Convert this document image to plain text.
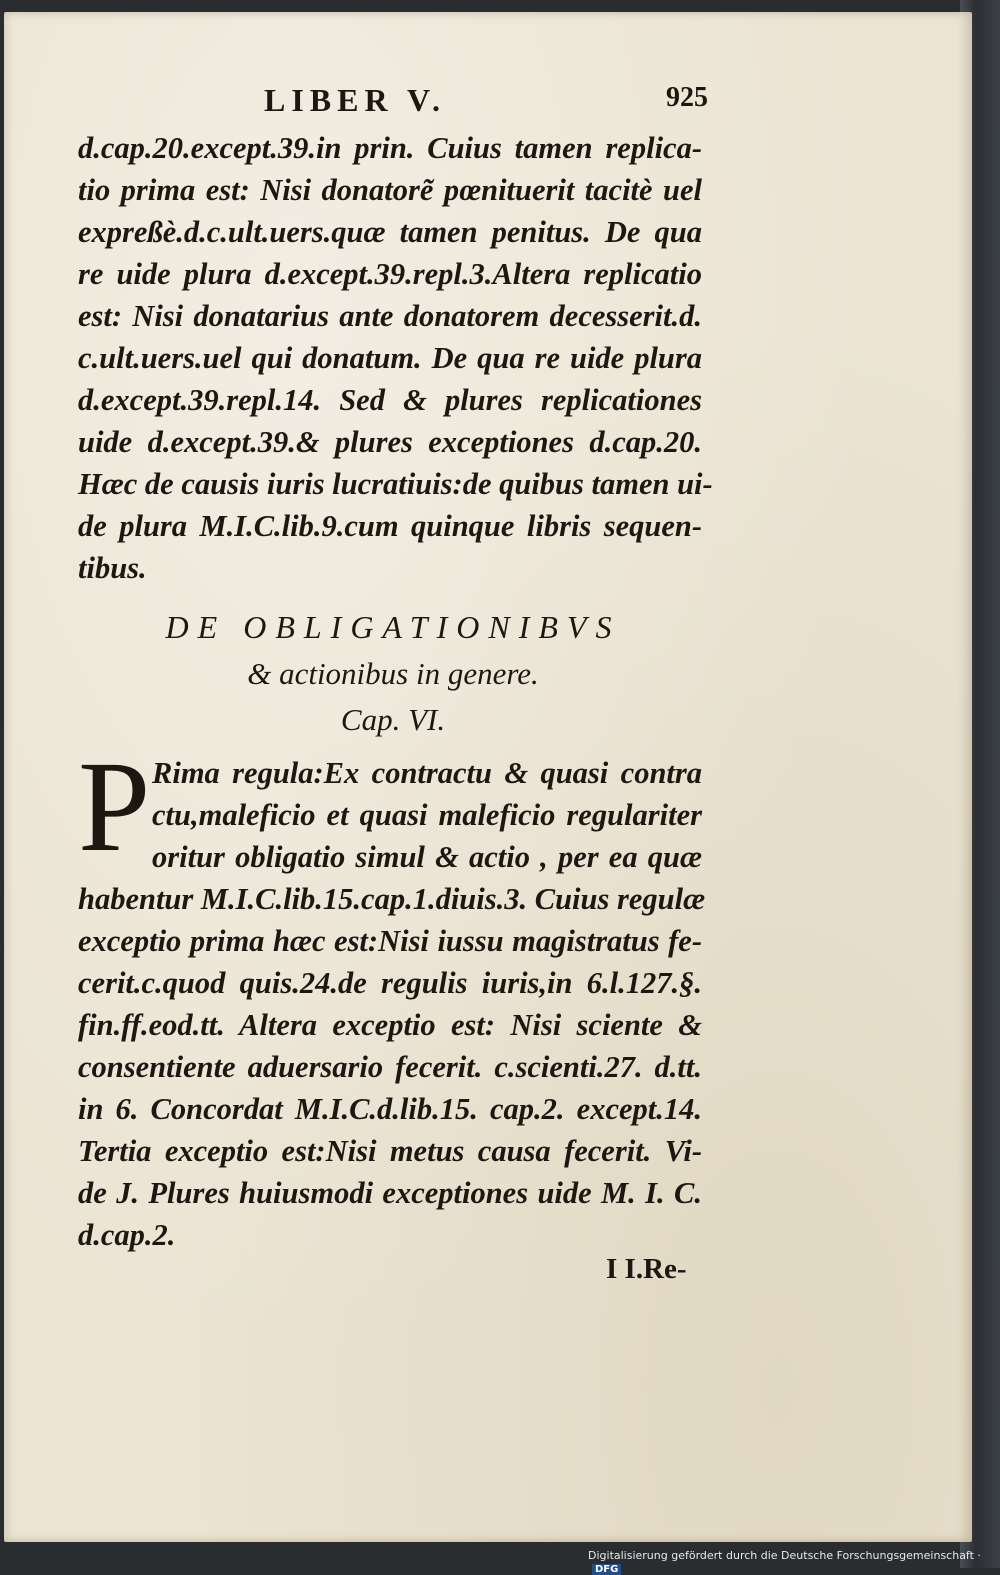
LIBER V.	925
d.cap.20.except.39.in prin. Cuius tamen replica-
tio prima est: Nisi donatorẽ pœnituerit tacitè uel
expreßè.d.c.ult.uers.quæ tamen penitus. De qua
re uide plura d.except.39.repl.3.Altera replicatio
est: Nisi donatarius ante donatorem decesserit.d.
c.ult.uers.uel qui donatum. De qua re uide plura
d.except.39.repl.14. Sed & plures replicationes
uide d.except.39.& plures exceptiones d.cap.20.
Hæc de causis iuris lucratiuis:de quibus tamen ui-
de plura M.I.C.lib.9.cum quinque libris sequen-
tibus.
DE OBLIGATIONIBVS
& actionibus in genere.
Cap. VI.
P Rima regula:Ex contractu & quasi contra
ctu,maleficio et quasi maleficio regulariter
oritur obligatio simul & actio , per ea quæ
habentur M.I.C.lib.15.cap.1.diuis.3. Cuius regulæ
exceptio prima hæc est:Nisi iussu magistratus fe-
cerit.c.quod quis.24.de regulis iuris,in 6.l.127.§.
fin.ff.eod.tt. Altera exceptio est: Nisi sciente &
consentiente aduersario fecerit. c.scienti.27. d.tt.
in 6. Concordat M.I.C.d.lib.15. cap.2. except.14.
Tertia exceptio est:Nisi metus causa fecerit. Vi-
de J. Plures huiusmodi exceptiones uide M. I. C.
d.cap.2.
I I.Re-
Digitalisierung gefördert durch die Deutsche Forschungsgemeinschaft · DFG
